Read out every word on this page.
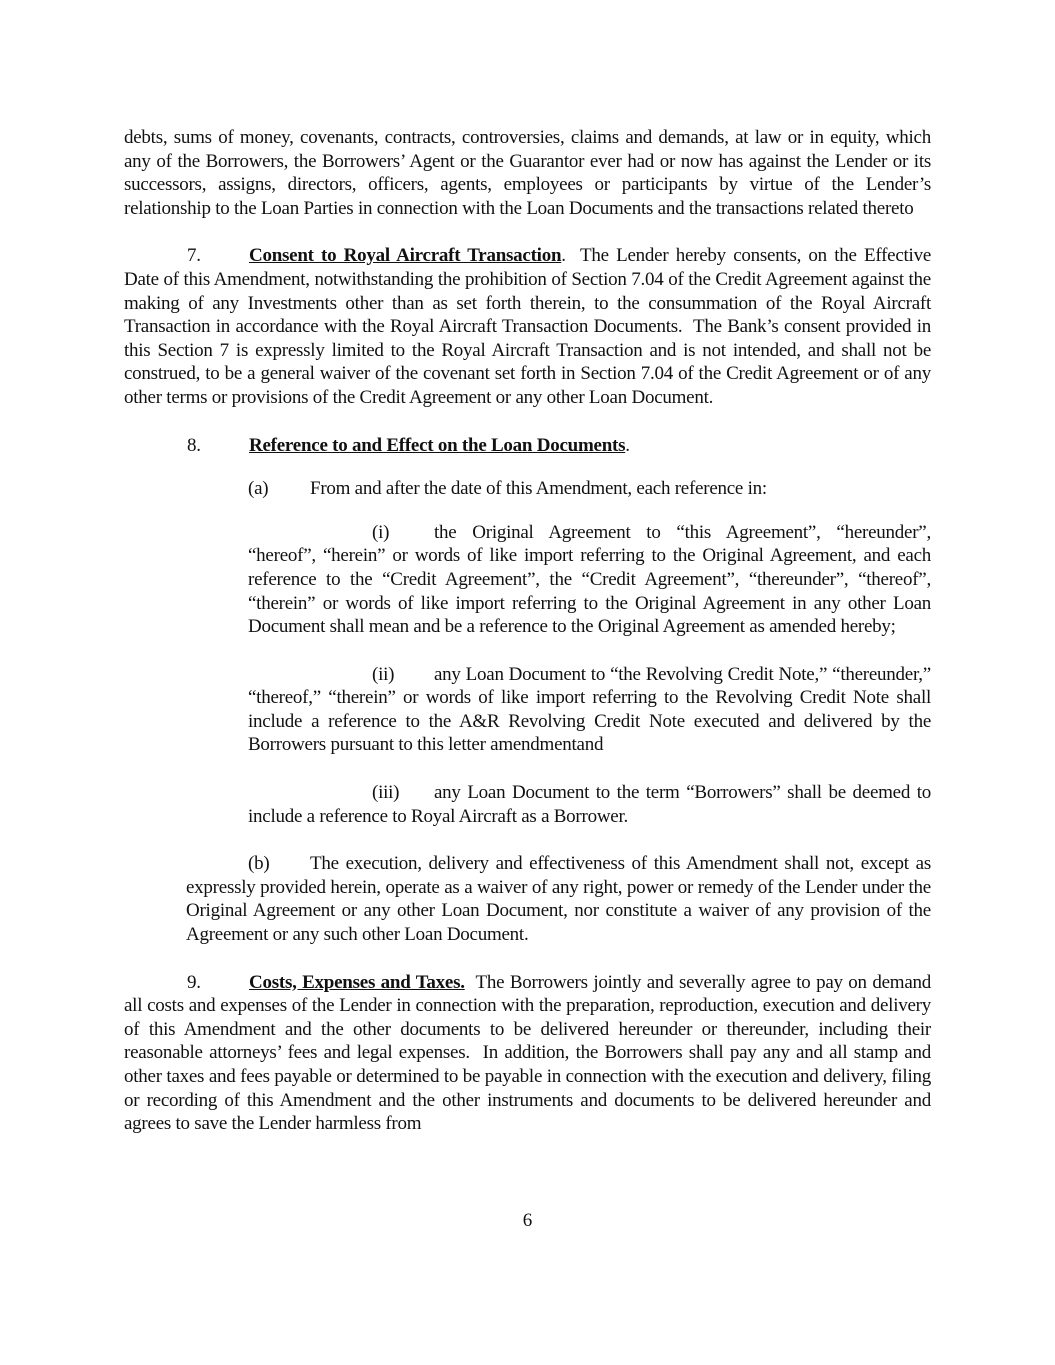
debts, sums of money, covenants, contracts, controversies, claims and demands, at law or in equity, which any of the Borrowers, the Borrowers’ Agent or the Guarantor ever had or now has against the Lender or its successors, assigns, directors, officers, agents, employees or participants by virtue of the Lender’s relationship to the Loan Parties in connection with the Loan Documents and the transactions related thereto

7.	Consent to Royal Aircraft Transaction.  The Lender hereby consents, on the Effective Date of this Amendment, notwithstanding the prohibition of Section 7.04 of the Credit Agreement against the making of any Investments other than as set forth therein, to the consummation of the Royal Aircraft Transaction in accordance with the Royal Aircraft Transaction Documents.  The Bank’s consent provided in this Section 7 is expressly limited to the Royal Aircraft Transaction and is not intended, and shall not be construed, to be a general waiver of the covenant set forth in Section 7.04 of the Credit Agreement or of any other terms or provisions of the Credit Agreement or any other Loan Document.

8.	Reference to and Effect on the Loan Documents.

(a) From and after the date of this Amendment, each reference in:

(i) the Original Agreement to “this Agreement”, “hereunder”, “hereof”, “herein” or words of like import referring to the Original Agreement, and each reference to the “Credit Agreement”, the “Credit Agreement”, “thereunder”, “thereof”, “therein” or words of like import referring to the Original Agreement in any other Loan Document shall mean and be a reference to the Original Agreement as amended hereby;

(ii) any Loan Document to “the Revolving Credit Note,” “thereunder,” “thereof,” “therein” or words of like import referring to the Revolving Credit Note shall include a reference to the A&R Revolving Credit Note executed and delivered by the Borrowers pursuant to this letter amendmentand

(iii) any Loan Document to the term “Borrowers” shall be deemed to include a reference to Royal Aircraft as a Borrower.

(b) The execution, delivery and effectiveness of this Amendment shall not, except as expressly provided herein, operate as a waiver of any right, power or remedy of the Lender under the Original Agreement or any other Loan Document, nor constitute a waiver of any provision of the Agreement or any such other Loan Document.

9.	Costs, Expenses and Taxes.  The Borrowers jointly and severally agree to pay on demand all costs and expenses of the Lender in connection with the preparation, reproduction, execution and delivery of this Amendment and the other documents to be delivered hereunder or thereunder, including their reasonable attorneys’ fees and legal expenses.  In addition, the Borrowers shall pay any and all stamp and other taxes and fees payable or determined to be payable in connection with the execution and delivery, filing or recording of this Amendment and the other instruments and documents to be delivered hereunder and agrees to save the Lender harmless from

6
